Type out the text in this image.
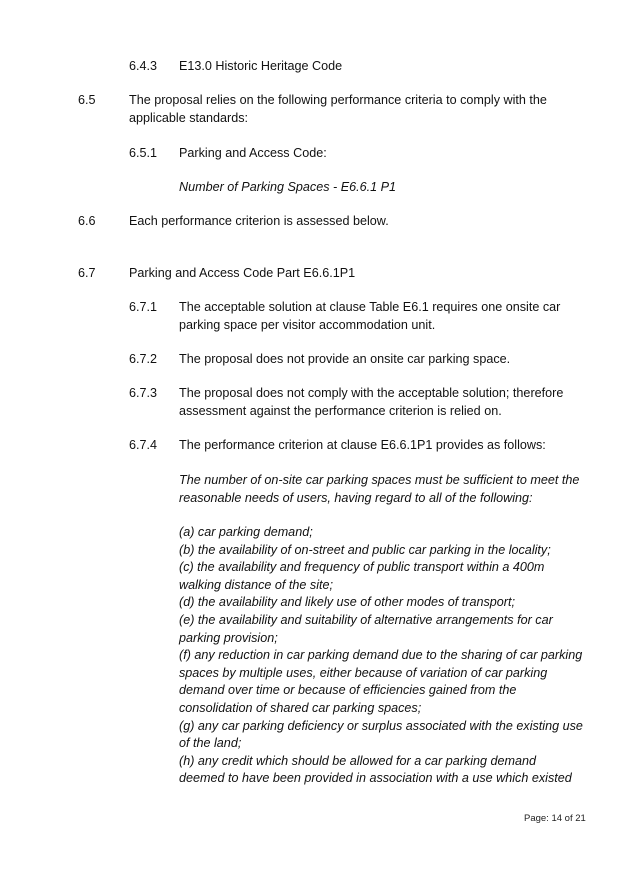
6.4.3 E13.0 Historic Heritage Code
6.5	The proposal relies on the following performance criteria to comply with the applicable standards:
6.5.1 Parking and Access Code:
Number of Parking Spaces - E6.6.1 P1
6.6	Each performance criterion is assessed below.
6.7	Parking and Access Code Part E6.6.1P1
6.7.1 The acceptable solution at clause Table E6.1 requires one onsite car parking space per visitor accommodation unit.
6.7.2 The proposal does not provide an onsite car parking space.
6.7.3 The proposal does not comply with the acceptable solution; therefore assessment against the performance criterion is relied on.
6.7.4 The performance criterion at clause E6.6.1P1 provides as follows:
The number of on-site car parking spaces must be sufficient to meet the reasonable needs of users, having regard to all of the following:
(a) car parking demand;
(b) the availability of on-street and public car parking in the locality;
(c) the availability and frequency of public transport within a 400m
walking distance of the site;
(d) the availability and likely use of other modes of transport;
(e) the availability and suitability of alternative arrangements for car
parking provision;
(f) any reduction in car parking demand due to the sharing of car parking
spaces by multiple uses, either because of variation of car parking
demand over time or because of efficiencies gained from the
consolidation of shared car parking spaces;
(g) any car parking deficiency or surplus associated with the existing use
of the land;
(h) any credit which should be allowed for a car parking demand
deemed to have been provided in association with a use which existed
Page: 14 of 21
